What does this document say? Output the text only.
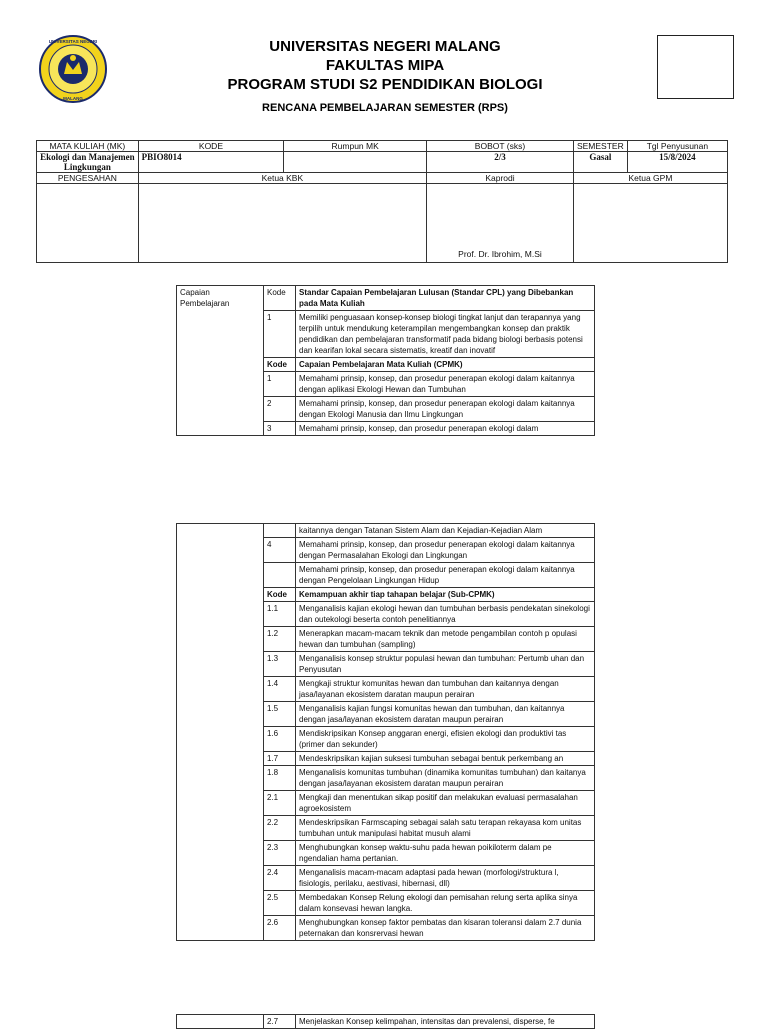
UNIVERSITAS NEGERI
MALANG
UNIVERSITAS NEGERI MALANG
FAKULTAS MIPA
PROGRAM STUDI S2 PENDIDIKAN BIOLOGI
RENCANA PEMBELAJARAN SEMESTER (RPS)
MATA KULIAH (MK)	KODE	Rumpun MK	BOBOT (sks)	SEMESTER	Tgl Penyusunan
Ekologi dan Manajemen Lingkungan	PBIO8014		2/3	Gasal	15/8/2024
PENGESAHAN	Ketua KBK		Kaprodi	Ketua GPM	
			Prof. Dr. Ibrohim, M.Si		
Capaian Pembelajaran	Kode	Standar Capaian Pembelajaran Lulusan (Standar CPL) yang Dibebankan pada Mata Kuliah
	1	Memiliki penguasaan konsep-konsep biologi tingkat lanjut dan terapannya yang terpilih untuk mendukung keterampilan mengembangkan konsep dan praktik pendidikan dan pembelajaran transformatif pada bidang biologi berbasis potensi dan kearifan lokal secara sistematis, kreatif dan inovatif
	Kode	Capaian Pembelajaran Mata Kuliah (CPMK)
	1	Memahami prinsip, konsep, dan prosedur penerapan ekologi dalam kaitannya dengan aplikasi Ekologi Hewan dan Tumbuhan
	2	Memahami prinsip, konsep, dan prosedur penerapan ekologi dalam kaitannya dengan Ekologi Manusia dan Ilmu Lingkungan
	3	Memahami prinsip, konsep, dan prosedur penerapan ekologi dalam
		kaitannya dengan Tatanan Sistem Alam dan Kejadian-Kejadian Alam
	4	Memahami prinsip, konsep, dan prosedur penerapan ekologi dalam kaitannya dengan Permasalahan Ekologi dan Lingkungan
		Memahami prinsip, konsep, dan prosedur penerapan ekologi dalam kaitannya dengan Pengelolaan Lingkungan Hidup
	Kode	Kemampuan akhir tiap tahapan belajar (Sub-CPMK)
	1.1	Menganalisis kajian ekologi hewan dan tumbuhan berbasis pendekatan sinekologi dan outekologi beserta contoh penelitiannya
	1.2	Menerapkan macam-macam teknik dan metode pengambilan contoh p opulasi hewan dan tumbuhan (sampling)
	1.3	Menganalisis konsep struktur populasi hewan dan tumbuhan: Pertumb uhan dan Penyusutan
	1.4	Mengkaji struktur komunitas hewan dan tumbuhan dan kaitannya dengan jasa/layanan ekosistem daratan maupun perairan
	1.5	Menganalisis kajian fungsi komunitas hewan dan tumbuhan, dan kaitannya dengan jasa/layanan ekosistem daratan maupun perairan
	1.6	Mendiskripsikan Konsep anggaran energi, efisien ekologi dan produktivi tas (primer dan sekunder)
	1.7	Mendeskripsikan kajian suksesi tumbuhan sebagai bentuk perkembang an
	1.8	Menganalisis komunitas tumbuhan (dinamika komunitas tumbuhan) dan kaitanya dengan jasa/layanan ekosistem daratan maupun perairan
	2.1	Mengkaji dan menentukan sikap positif dan melakukan evaluasi permasalahan agroekosistem
	2.2	Mendeskripsikan Farmscaping sebagai salah satu terapan rekayasa kom unitas tumbuhan untuk manipulasi habitat musuh alami
	2.3	Menghubungkan konsep waktu-suhu pada hewan poikiloterm dalam pe ngendalian hama pertanian.
	2.4	Menganalisis macam-macam adaptasi pada hewan (morfologi/struktura l, fisiologis, perilaku, aestivasi, hibernasi, dll)
	2.5	Membedakan Konsep Relung ekologi dan pemisahan relung serta aplika sinya dalam konsevasi hewan langka.
	2.6	Menghubungkan konsep faktor pembatas dan kisaran toleransi dalam 2.7 dunia peternakan dan konsrervasi hewan
	2.7	Menjelaskan Konsep kelimpahan, intensitas dan prevalensi, disperse, fe
